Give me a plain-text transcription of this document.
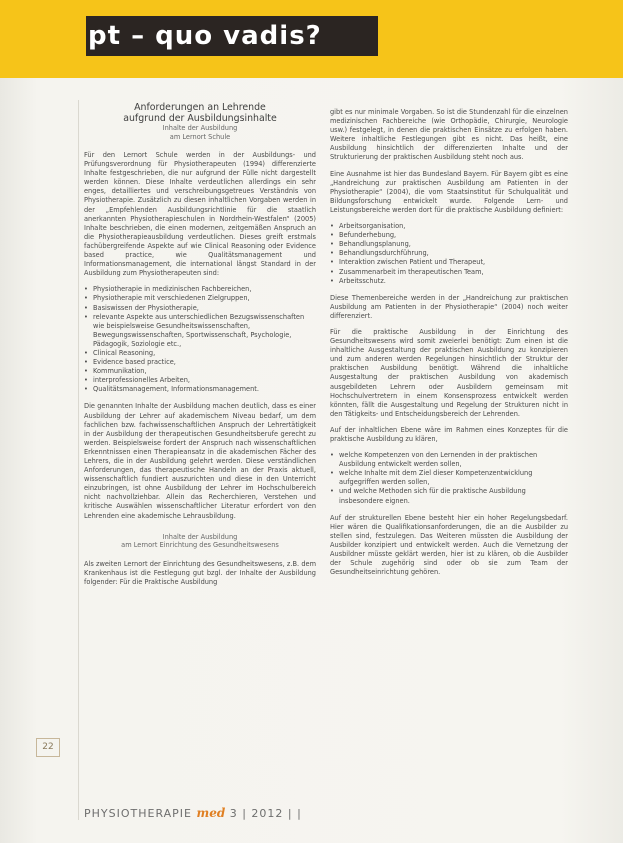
pt – quo vadis?
Anforderungen an Lehrende
aufgrund der Ausbildungsinhalte
Inhalte der Ausbildung
am Lernort Schule

Für den Lernort Schule werden in der Ausbildungs- und Prüfungsverordnung für Physiotherapeuten (1994) differenzierte Inhalte festgeschrieben, die nur aufgrund der Fülle nicht dargestellt werden können. Diese Inhalte verdeutlichen allerdings ein sehr enges, detailliertes und verschreibungsgetreues Verständnis von Physiotherapie. Zusätzlich zu diesen inhaltlichen Vorgaben werden in der „Empfehlenden Ausbildungsrichtlinie für die staatlich anerkannten Physiotherapieschulen in Nordrhein-Westfalen“ (2005) Inhalte beschrieben, die einen modernen, zeitgemäßen Anspruch an die Physiotherapieausbildung verdeutlichen. Dieses greift erstmals fachübergreifende Aspekte auf wie Clinical Reasoning oder Evidence based practice, wie Qualitätsmanagement und Informationsmanagement, die international längst Standard in der Ausbildung zum Physiotherapeuten sind:

• Physiotherapie in medizinischen Fachbereichen,
• Physiotherapie mit verschiedenen Zielgruppen,
• Basiswissen der Physiotherapie,
• relevante Aspekte aus unterschiedlichen Bezugswissenschaften wie beispielsweise Gesundheitswissenschaften, Bewegungswissenschaften, Sportwissenschaft, Psychologie, Pädagogik, Soziologie etc.,
• Clinical Reasoning,
• Evidence based practice,
• Kommunikation,
• interprofessionelles Arbeiten,
• Qualitätsmanagement, Informationsmanagement.

Die genannten Inhalte der Ausbildung machen deutlich, dass es einer Ausbildung der Lehrer auf akademischem Niveau bedarf, um dem fachlichen bzw. fachwissenschaftlichen Anspruch der Lehrertätigkeit in der Ausbildung der therapeutischen Gesundheitsberufe gerecht zu werden. Beispielsweise fordert der Anspruch nach wissenschaftlichen Erkenntnissen einen Therapieansatz in die akademischen Fächer des Lehrers, die in der Ausbildung gelehrt werden. Diese verständlichen Anforderungen, das therapeutische Handeln an der Praxis aktuell, wissenschaftlich fundiert auszurichten und diese in den Unterricht einzubringen, ist ohne Ausbildung der Lehrer im Hochschulbereich nicht nachvollziehbar. Allein das Recherchieren, Verstehen und kritische Auswählen wissenschaftlicher Literatur erfordert von den Lehrenden eine akademische Lehrausbildung.

Inhalte der Ausbildung
am Lernort Einrichtung des Gesundheitswesens

Als zweiten Lernort der Einrichtung des Gesundheitswesens, z.B. dem Krankenhaus ist die Festlegung gut bzgl. der Inhalte der Ausbildung folgender: Für die Praktische Ausbildung

gibt es nur minimale Vorgaben. So ist die Stundenzahl für die einzelnen medizinischen Fachbereiche (wie Orthopädie, Chirurgie, Neurologie usw.) festgelegt, in denen die praktischen Einsätze zu erfolgen haben. Weitere inhaltliche Festlegungen gibt es nicht. Das heißt, eine Ausbildung hinsichtlich der differenzierten Inhalte und der Strukturierung der praktischen Ausbildung steht noch aus.

Eine Ausnahme ist hier das Bundesland Bayern. Für Bayern gibt es eine „Handreichung zur praktischen Ausbildung am Patienten in der Physiotherapie“ (2004), die vom Staatsinstitut für Schulqualität und Bildungsforschung entwickelt wurde. Folgende Lern- und Leistungsbereiche werden dort für die praktische Ausbildung definiert:

• Arbeitsorganisation,
• Befunderhebung,
• Behandlungsplanung,
• Behandlungsdurchführung,
• Interaktion zwischen Patient und Therapeut,
• Zusammenarbeit im therapeutischen Team,
• Arbeitsschutz.

Diese Themenbereiche werden in der „Handreichung zur praktischen Ausbildung am Patienten in der Physiotherapie“ (2004) noch weiter differenziert.

Für die praktische Ausbildung in der Einrichtung des Gesundheitswesens wird somit zweierlei benötigt: Zum einen ist die inhaltliche Ausgestaltung der praktischen Ausbildung zu konzipieren und zum anderen werden Regelungen hinsichtlich der Struktur der praktischen Ausbildung benötigt. Während die inhaltliche Ausgestaltung der praktischen Ausbildung von akademisch ausgebildeten Lehrern oder Ausbildern gemeinsam mit Hochschulvertretern in einem Konsensprozess entwickelt werden könnten, fällt die Ausgestaltung und Regelung der Strukturen nicht in den Tätigkeits- und Entscheidungsbereich der Lehrenden.

Auf der inhaltlichen Ebene wäre im Rahmen eines Konzeptes für die praktische Ausbildung zu klären,

• welche Kompetenzen von den Lernenden in der praktischen Ausbildung entwickelt werden sollen,
• welche Inhalte mit dem Ziel dieser Kompetenzentwicklung aufgegriffen werden sollen,
• und welche Methoden sich für die praktische Ausbildung insbesondere eignen.

Auf der strukturellen Ebene besteht hier ein hoher Regelungsbedarf. Hier wären die Qualifikationsanforderungen, die an die Ausbilder zu stellen sind, festzulegen. Das Weiteren müssten die Ausbildung der Ausbilder konzipiert und entwickelt werden. Auch die Vernetzung der Ausbildner müsste geklärt werden, hier ist zu klären, ob die Ausbilder der Schule zugehörig sind oder ob sie zum Team der Gesundheitseinrichtung gehören.

22
PHYSIOTHERAPIE med 3 | 2012 | |
